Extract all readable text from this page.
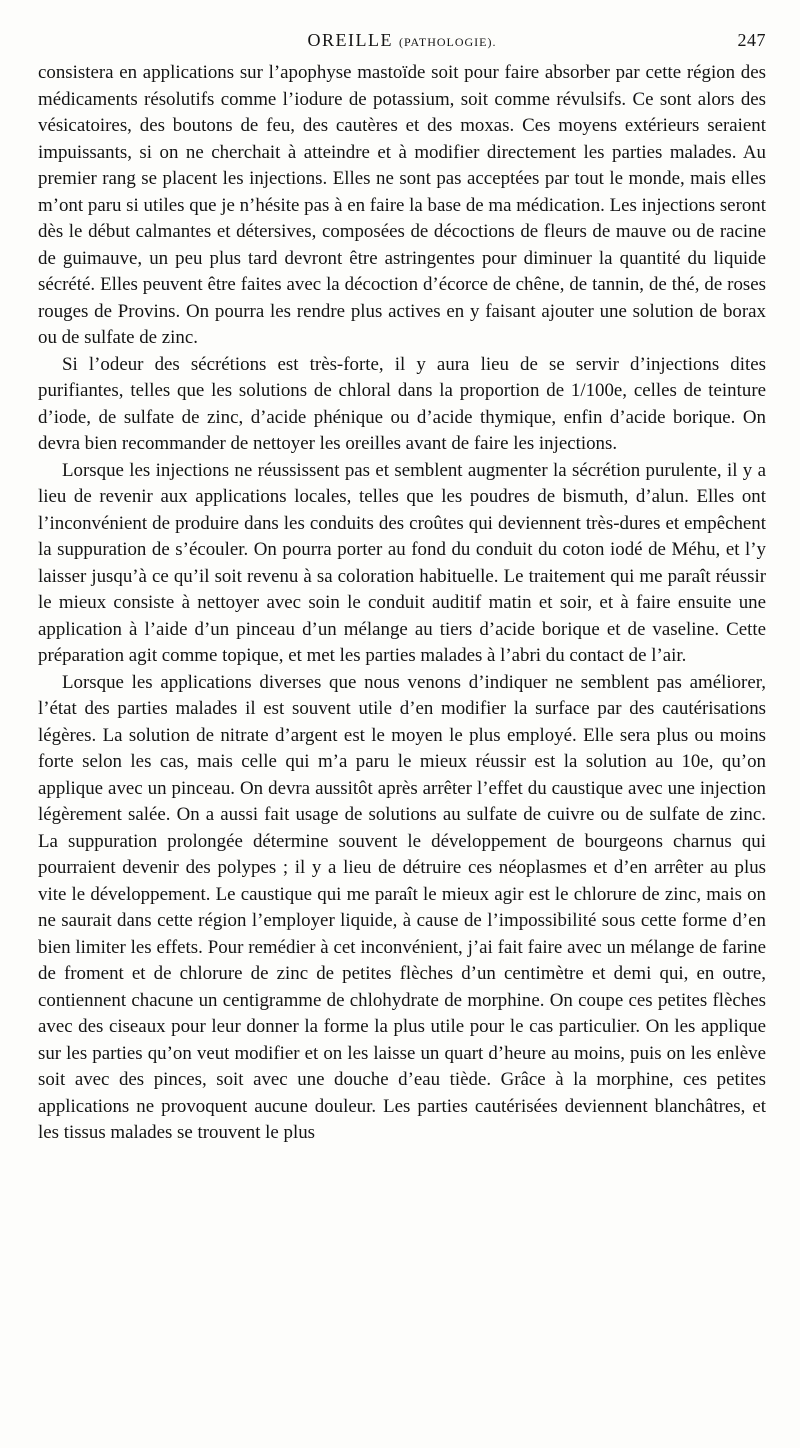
OREILLE (PATHOLOGIE).	247

consistera en applications sur l’apophyse mastoïde soit pour faire absorber par cette région des médicaments résolutifs comme l’iodure de potassium, soit comme révulsifs. Ce sont alors des vésicatoires, des boutons de feu, des cautères et des moxas. Ces moyens extérieurs seraient impuissants, si on ne cherchait à atteindre et à modifier directement les parties malades. Au premier rang se placent les injections. Elles ne sont pas acceptées par tout le monde, mais elles m’ont paru si utiles que je n’hésite pas à en faire la base de ma médication. Les injections seront dès le début calmantes et détersives, composées de décoctions de fleurs de mauve ou de racine de guimauve, un peu plus tard devront être astringentes pour diminuer la quantité du liquide sécrété. Elles peuvent être faites avec la décoction d’écorce de chêne, de tannin, de thé, de roses rouges de Provins. On pourra les rendre plus actives en y faisant ajouter une solution de borax ou de sulfate de zinc.

Si l’odeur des sécrétions est très-forte, il y aura lieu de se servir d’injections dites purifiantes, telles que les solutions de chloral dans la proportion de 1/100e, celles de teinture d’iode, de sulfate de zinc, d’acide phénique ou d’acide thymique, enfin d’acide borique. On devra bien recommander de nettoyer les oreilles avant de faire les injections.

Lorsque les injections ne réussissent pas et semblent augmenter la sécrétion purulente, il y a lieu de revenir aux applications locales, telles que les poudres de bismuth, d’alun. Elles ont l’inconvénient de produire dans les conduits des croûtes qui deviennent très-dures et empêchent la suppuration de s’écouler. On pourra porter au fond du conduit du coton iodé de Méhu, et l’y laisser jusqu’à ce qu’il soit revenu à sa coloration habituelle. Le traitement qui me paraît réussir le mieux consiste à nettoyer avec soin le conduit auditif matin et soir, et à faire ensuite une application à l’aide d’un pinceau d’un mélange au tiers d’acide borique et de vaseline. Cette préparation agit comme topique, et met les parties malades à l’abri du contact de l’air.

Lorsque les applications diverses que nous venons d’indiquer ne semblent pas améliorer, l’état des parties malades il est souvent utile d’en modifier la surface par des cautérisations légères. La solution de nitrate d’argent est le moyen le plus employé. Elle sera plus ou moins forte selon les cas, mais celle qui m’a paru le mieux réussir est la solution au 10e, qu’on applique avec un pinceau. On devra aussitôt après arrêter l’effet du caustique avec une injection légèrement salée. On a aussi fait usage de solutions au sulfate de cuivre ou de sulfate de zinc. La suppuration prolongée détermine souvent le développement de bourgeons charnus qui pourraient devenir des polypes ; il y a lieu de détruire ces néoplasmes et d’en arrêter au plus vite le développement. Le caustique qui me paraît le mieux agir est le chlorure de zinc, mais on ne saurait dans cette région l’employer liquide, à cause de l’impossibilité sous cette forme d’en bien limiter les effets. Pour remédier à cet inconvénient, j’ai fait faire avec un mélange de farine de froment et de chlorure de zinc de petites flèches d’un centimètre et demi qui, en outre, contiennent chacune un centigramme de chlohydrate de morphine. On coupe ces petites flèches avec des ciseaux pour leur donner la forme la plus utile pour le cas particulier. On les applique sur les parties qu’on veut modifier et on les laisse un quart d’heure au moins, puis on les enlève soit avec des pinces, soit avec une douche d’eau tiède. Grâce à la morphine, ces petites applications ne provoquent aucune douleur. Les parties cautérisées deviennent blanchâtres, et les tissus malades se trouvent le plus
